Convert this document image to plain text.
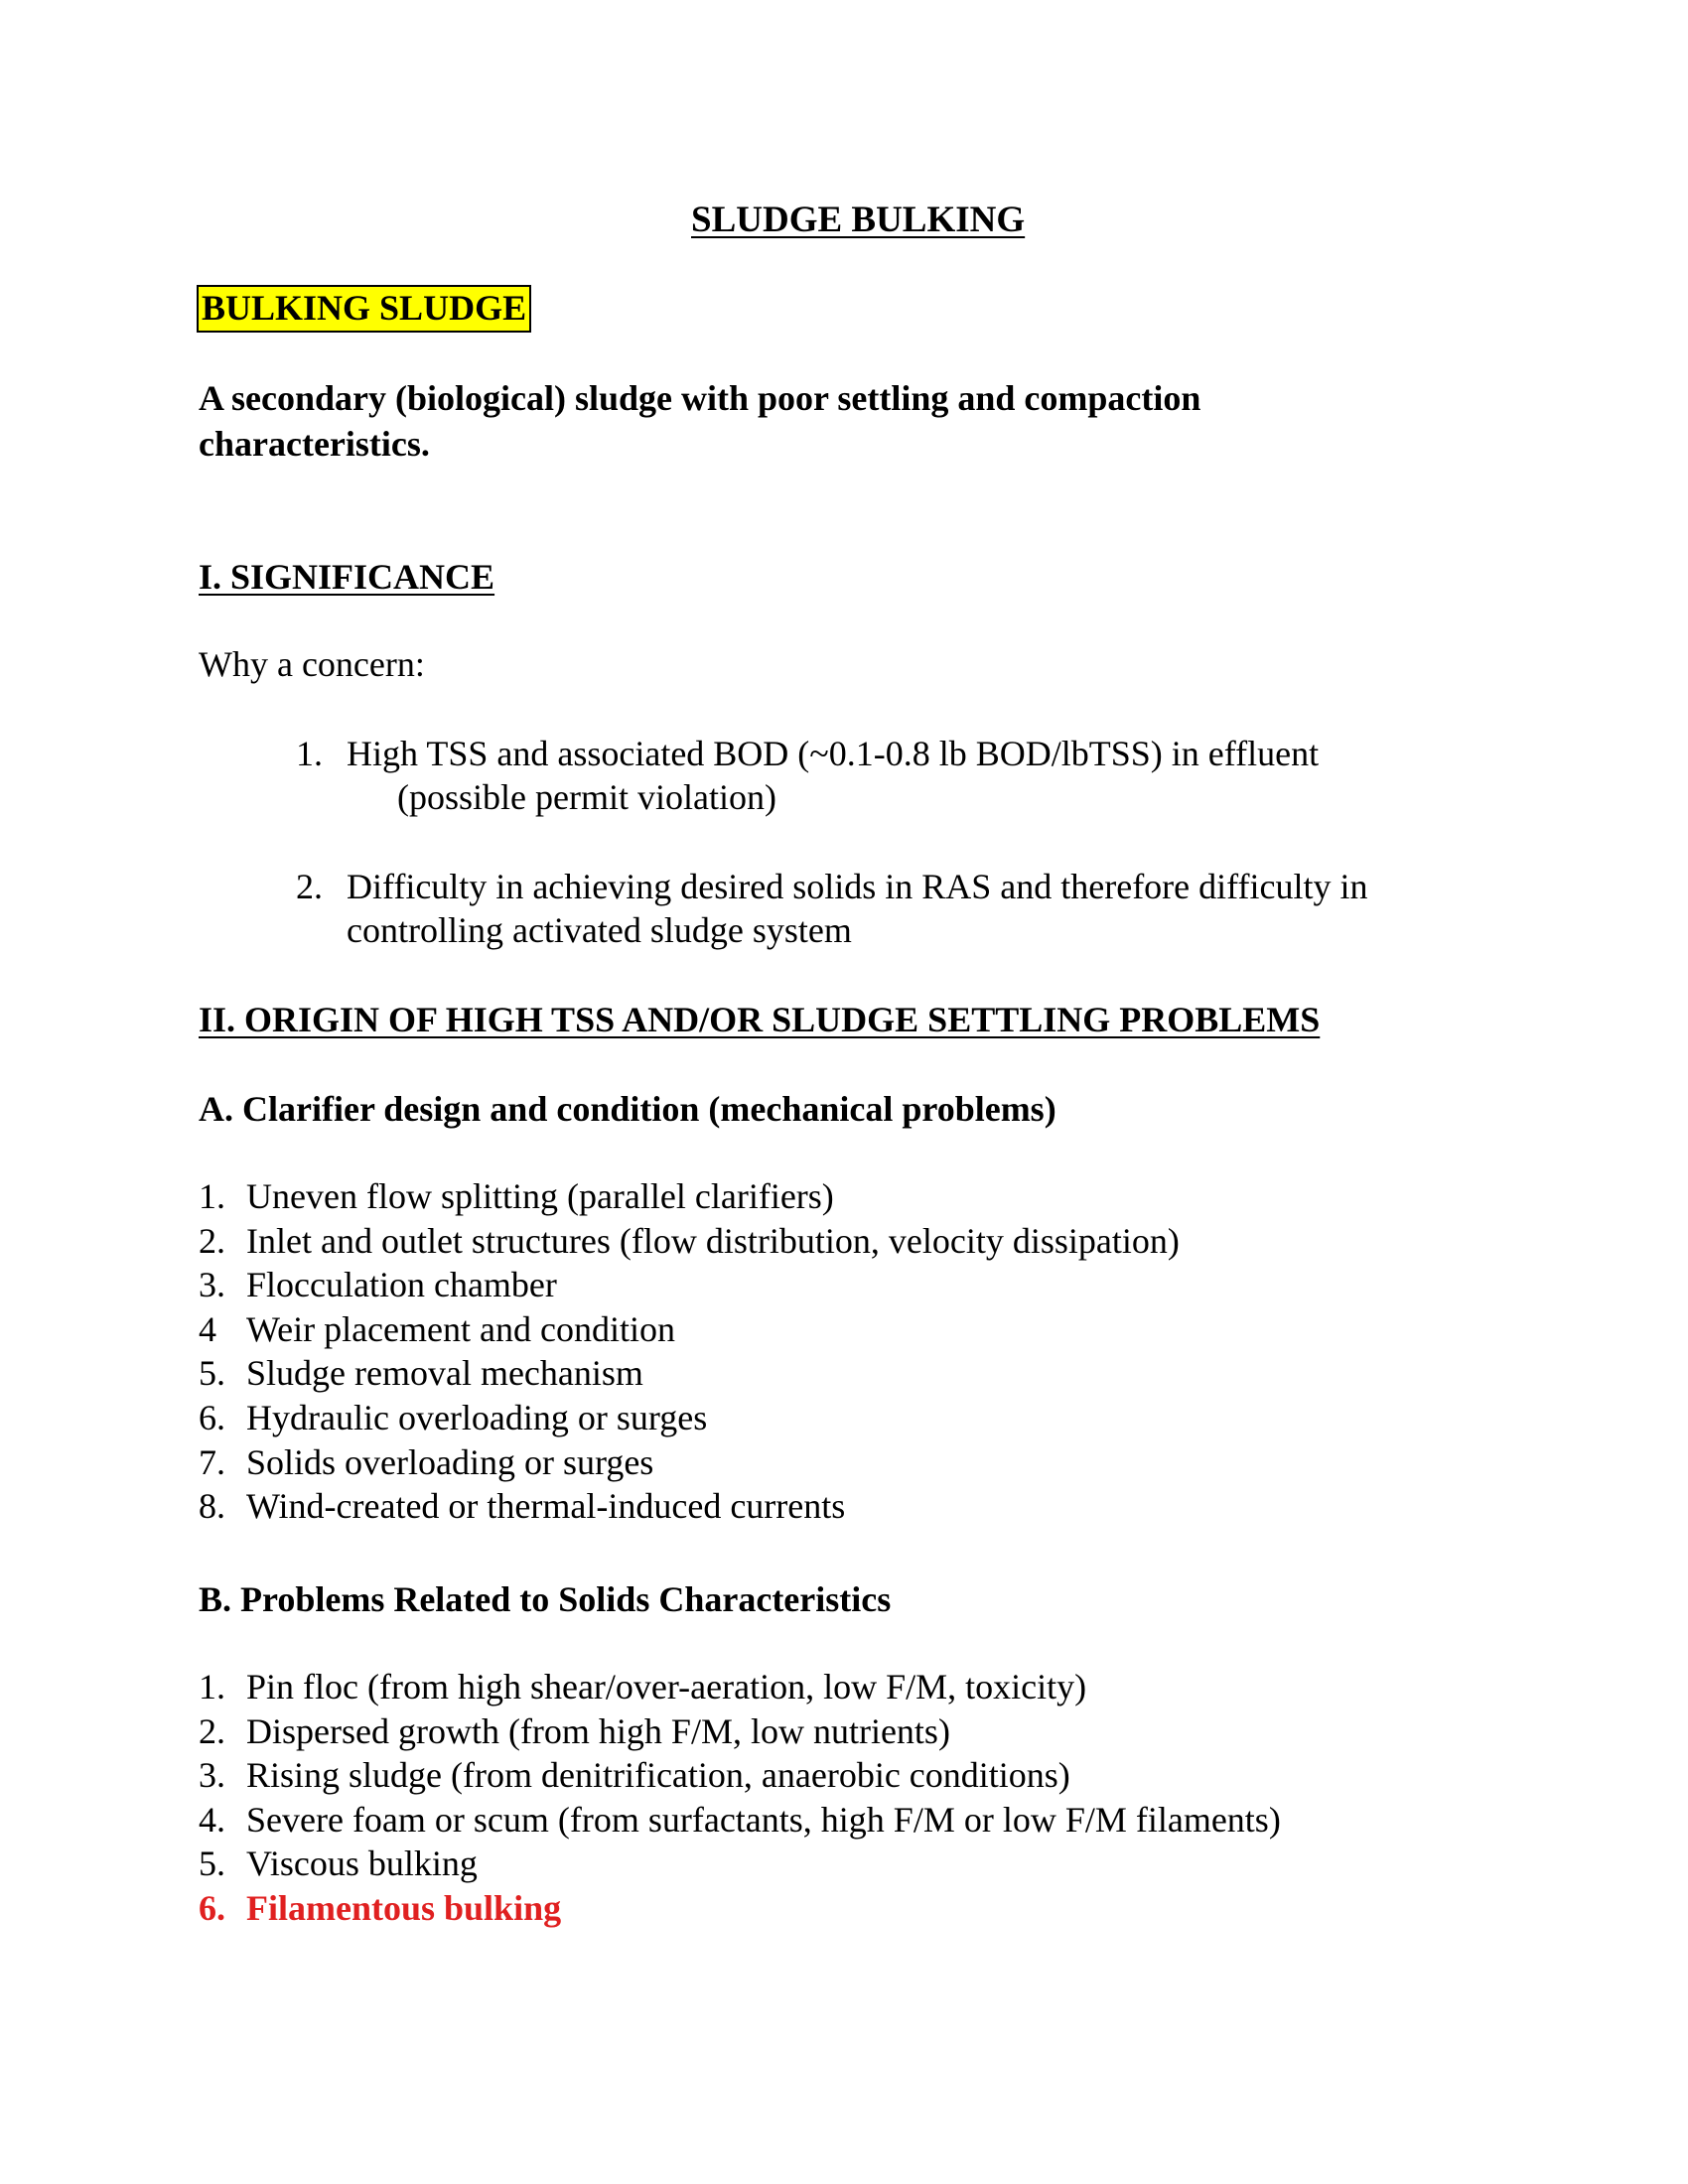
SLUDGE BULKING
BULKING SLUDGE
A secondary (biological) sludge with poor settling and compaction
characteristics.
I. SIGNIFICANCE
Why a concern:
1. High TSS and associated BOD (~0.1-0.8 lb BOD/lbTSS) in effluent
(possible permit violation)
2. Difficulty in achieving desired solids in RAS and therefore difficulty in
controlling activated sludge system
II. ORIGIN OF HIGH TSS AND/OR SLUDGE SETTLING PROBLEMS
A. Clarifier design and condition (mechanical problems)
1. Uneven flow splitting (parallel clarifiers)
2. Inlet and outlet structures (flow distribution, velocity dissipation)
3. Flocculation chamber
4 Weir placement and condition
5. Sludge removal mechanism
6. Hydraulic overloading or surges
7. Solids overloading or surges
8. Wind-created or thermal-induced currents
B. Problems Related to Solids Characteristics
1. Pin floc (from high shear/over-aeration, low F/M, toxicity)
2. Dispersed growth (from high F/M, low nutrients)
3. Rising sludge (from denitrification, anaerobic conditions)
4. Severe foam or scum (from surfactants, high F/M or low F/M filaments)
5. Viscous bulking
6. Filamentous bulking
